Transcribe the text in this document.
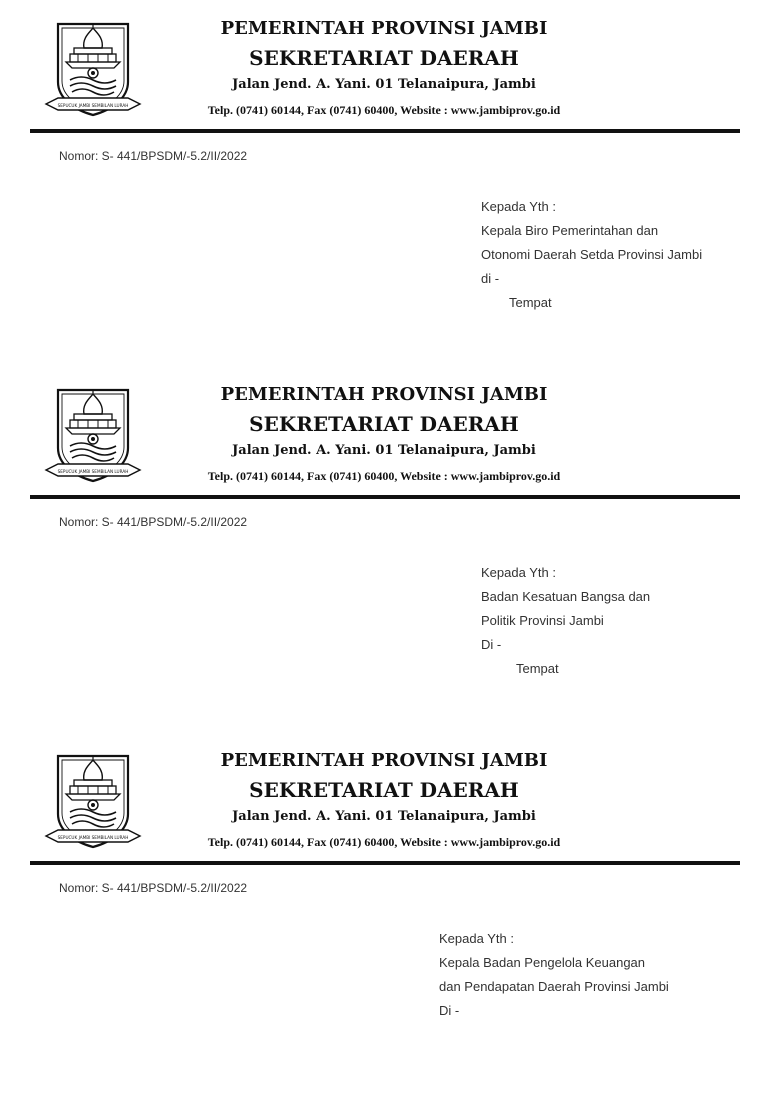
SEPUCUK JAMBI SEMBILAN LURAH
PEMERINTAH PROVINSI JAMBI
SEKRETARIAT DAERAH
Jalan Jend. A. Yani. 01 Telanaipura, Jambi
Telp. (0741) 60144, Fax (0741) 60400, Website : www.jambiprov.go.id
Nomor: S- 441/BPSDM/-5.2/II/2022
Kepada Yth :
Kepala Biro Pemerintahan dan
Otonomi Daerah Setda Provinsi Jambi
di -
Tempat
SEPUCUK JAMBI SEMBILAN LURAH
PEMERINTAH PROVINSI JAMBI
SEKRETARIAT DAERAH
Jalan Jend. A. Yani. 01 Telanaipura, Jambi
Telp. (0741) 60144, Fax (0741) 60400, Website : www.jambiprov.go.id
Nomor: S- 441/BPSDM/-5.2/II/2022
Kepada Yth :
Badan Kesatuan Bangsa dan
Politik Provinsi Jambi
Di -
Tempat
SEPUCUK JAMBI SEMBILAN LURAH
PEMERINTAH PROVINSI JAMBI
SEKRETARIAT DAERAH
Jalan Jend. A. Yani. 01 Telanaipura, Jambi
Telp. (0741) 60144, Fax (0741) 60400, Website : www.jambiprov.go.id
Nomor: S- 441/BPSDM/-5.2/II/2022
Kepada Yth :
Kepala Badan Pengelola Keuangan
dan Pendapatan Daerah Provinsi Jambi
Di -
